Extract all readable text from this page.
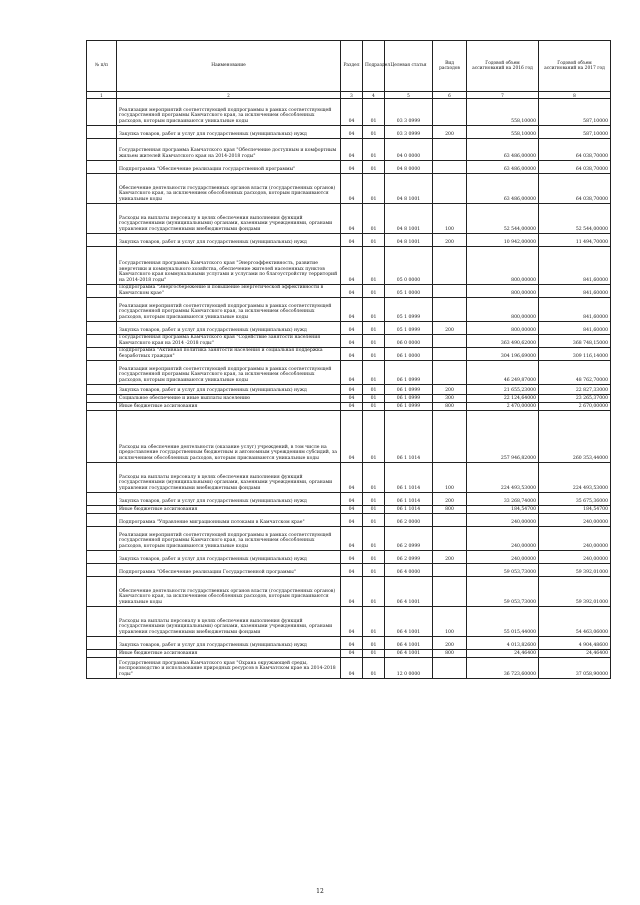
№ п/п	Наименование	Раздел	Подраздел	Целевая статья	Вид расходов	Годовой объем ассигнований на 2016 год	Годовой объем ассигнований на 2017 год
1	2	3	4	5	6	7	8
	Реализация мероприятий соответствующей подпрограммы в рамках соответствующей государственной программы Камчатского края, за исключением обособленных расходов, которым присваиваются уникальные коды	04	01	03 3 0999		558,10000	587,10000
	Закупка товаров, работ и услуг для государственных (муниципальных) нужд	04	01	03 3 0999	200	558,10000	587,10000
	Государственная программа Камчатского края "Обеспечение доступным и комфортным жильем жителей Камчатского края на 2014-2018 годы"	04	01	04 0 0000		63 486,00000	64 038,70000
	Подпрограмма "Обеспечение реализации государственной программы"	04	01	04 8 0000		63 486,00000	64 038,70000
	Обеспечение деятельности государственных органов власти (государственных органов) Камчатского края, за исключением обособленных расходов, которым присваиваются уникальные коды	04	01	04 8 1001		63 486,00000	64 038,70000
	Расходы на выплаты персоналу в целях обеспечения выполнения функций государственными (муниципальными) органами, казенными учреждениями, органами управления государственными внебюджетными фондами	04	01	04 8 1001	100	52 544,00000	52 544,00000
	Закупка товаров, работ и услуг для государственных (муниципальных) нужд	04	01	04 8 1001	200	10 942,00000	11 494,70000
	Государственная программа Камчатского края "Энергоэффективность, развитие энергетики и коммунального хозяйства, обеспечение жителей населенных пунктов Камчатского края коммунальными услугами и услугами по благоустройству территорий на 2014-2018 годы"	04	01	05 0 0000		800,00000	841,60000
	Подпрограмма "Энергосбережение и повышение энергетической эффективности в Камчатском крае"	04	01	05 1 0000		800,00000	841,60000
	Реализация мероприятий соответствующей подпрограммы в рамках соответствующей государственной программы Камчатского края, за исключением обособленных расходов, которым присваиваются уникальные коды	04	01	05 1 0999		800,00000	841,60000
	Закупка товаров, работ и услуг для государственных (муниципальных) нужд	04	01	05 1 0999	200	800,00000	841,60000
	Государственная программа Камчатского края "Содействие занятости населения Камчатского края на 2014 -2018 годы"	04	01	06 0 0000		363 490,62000	368 748,15000
	Подпрограмма "Активная политика занятости населения и социальная поддержка безработных граждан"	04	01	06 1 0000		304 196,69000	309 116,14000
	Реализация мероприятий соответствующей подпрограммы в рамках соответствующей государственной программы Камчатского края, за исключением обособленных расходов, которым присваиваются уникальные коды	04	01	06 1 0999		46 249,87000	48 762,70000
	Закупка товаров, работ и услуг для государственных (муниципальных) нужд	04	01	06 1 0999	200	21 655,23000	22 827,33000
	Социальное обеспечение и иные выплаты населению	04	01	06 1 0999	300	22 124,64000	23 265,37000
	Иные бюджетные ассигнования	04	01	06 1 0999	800	2 470,00000	2 670,00000
	Расходы на обеспечение деятельности (оказание услуг) учреждений, в том числе на предоставление государственным бюджетным и автономным учреждениям субсидий, за исключением обособленных расходов, которым присваиваются уникальные коды	04	01	06 1 1014		257 946,82000	260 353,44000
	Расходы на выплаты персоналу в целях обеспечения выполнения функций государственными (муниципальными) органами, казенными учреждениями, органами управления государственными внебюджетными фондами	04	01	06 1 1014	100	224 493,53000	224 493,53000
	Закупка товаров, работ и услуг для государственных (муниципальных) нужд	04	01	06 1 1014	200	33 268,74000	35 675,36000
	Иные бюджетные ассигнования	04	01	06 1 1014	800	184,54700	184,54700
	Подпрограмма "Управление миграционными потоками в Камчатском крае"	04	01	06 2 0000		240,00000	240,00000
	Реализация мероприятий соответствующей подпрограммы в рамках соответствующей государственной программы Камчатского края, за исключением обособленных расходов, которым присваиваются уникальные коды	04	01	06 2 0999		240,00000	240,00000
	Закупка товаров, работ и услуг для государственных (муниципальных) нужд	04	01	06 2 0999	200	240,00000	240,00000
	Подпрограмма "Обеспечение реализации Государственной программы"	04	01	06 4 0000		59 053,73000	59 392,01000
	Обеспечение деятельности государственных органов власти (государственных органов) Камчатского края, за исключением обособленных расходов, которым присваиваются уникальные коды	04	01	06 4 1001		59 053,73000	59 392,01000
	Расходы на выплаты персоналу в целях обеспечения выполнения функций государственными (муниципальными) органами, казенными учреждениями, органами управления государственными внебюджетными фондами	04	01	06 4 1001	100	55 015,44000	54 463,06000
	Закупка товаров, работ и услуг для государственных (муниципальных) нужд	04	01	06 4 1001	200	4 013,82600	4 904,48600
	Иные бюджетные ассигнования	04	01	06 4 1001	800	24,46400	24,46400
	Государственная программа Камчатского края "Охрана окружающей среды, воспроизводство и использование природных ресурсов в Камчатском крае на 2014-2018 годы"	04	01	12 0 0000		36 723,60000	37 058,90000
12
